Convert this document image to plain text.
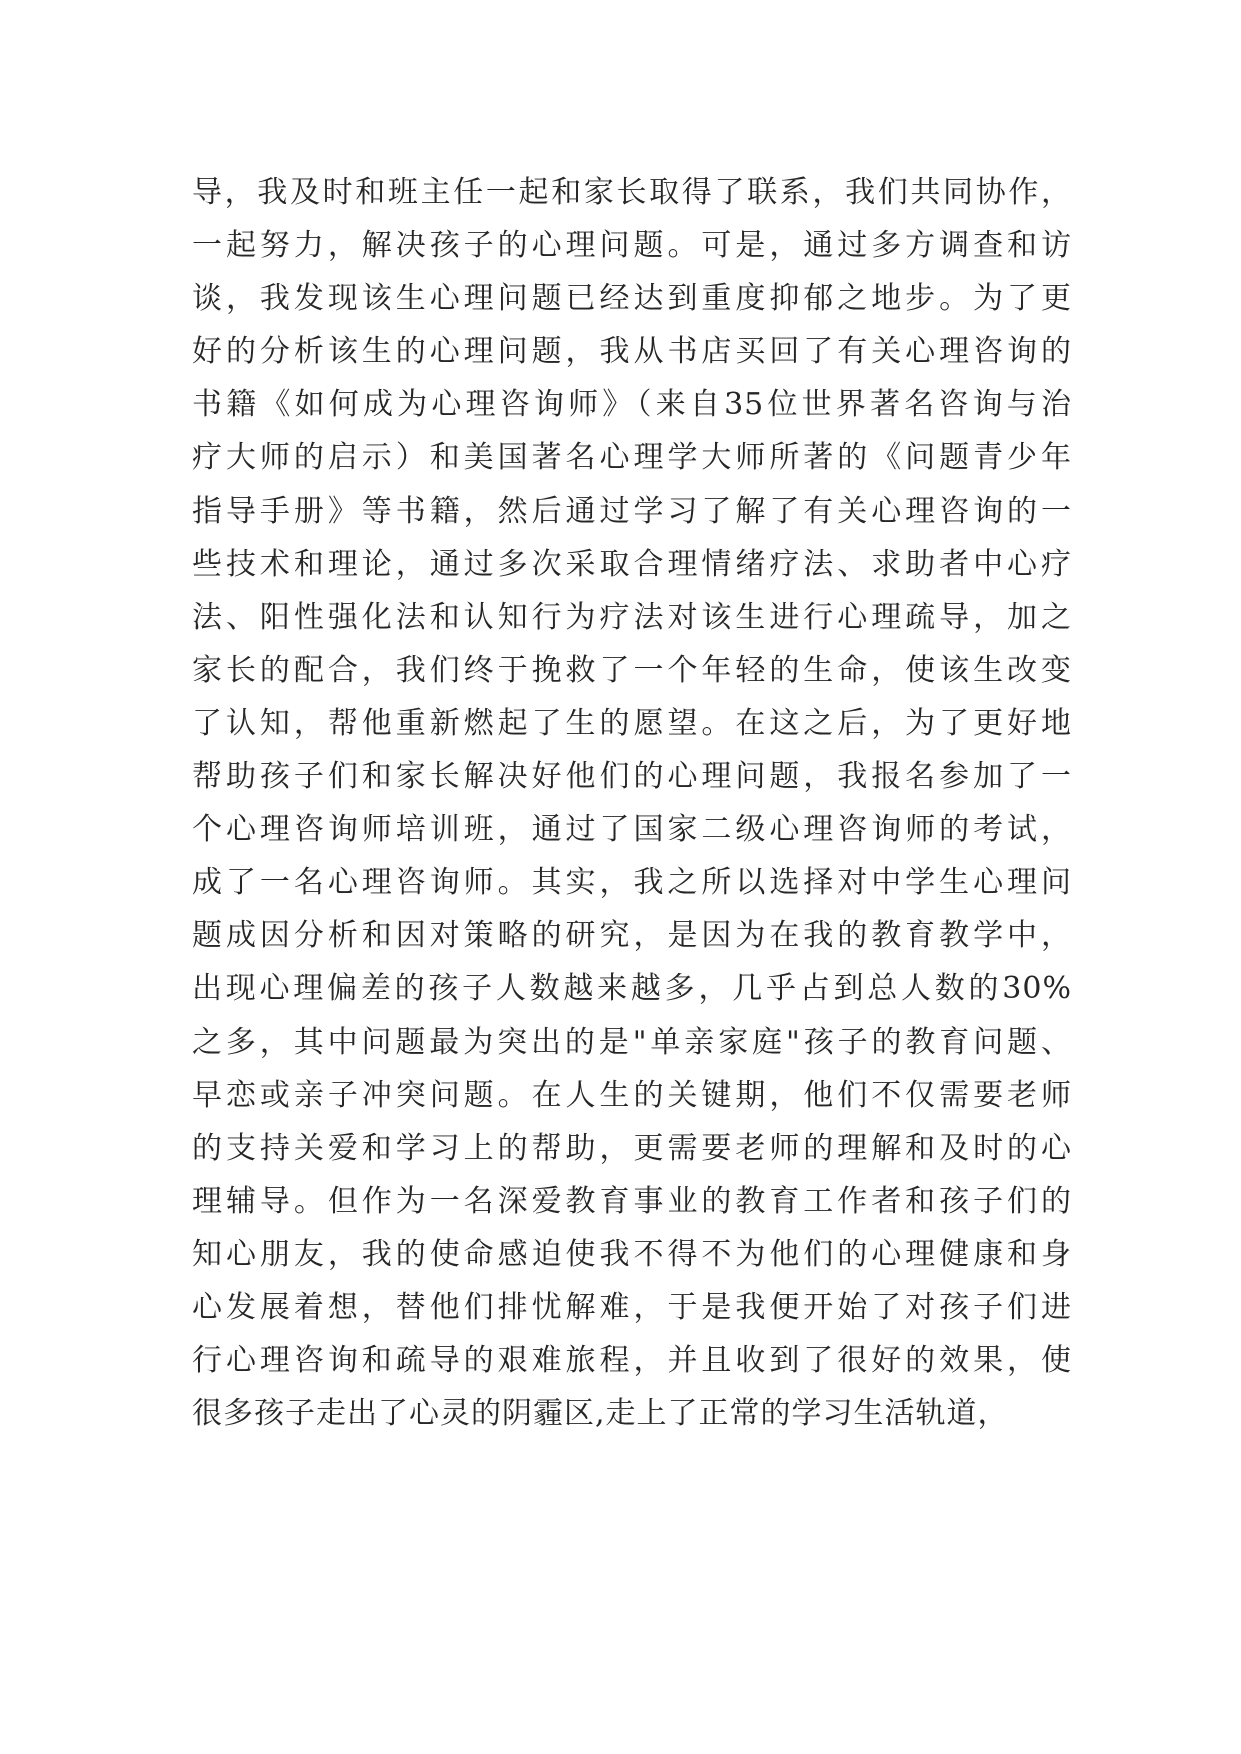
导，我及时和班主任一起和家长取得了联系，我们共同协作，
一起努力，解决孩子的心理问题。可是，通过多方调查和访
谈，我发现该生心理问题已经达到重度抑郁之地步。为了更
好的分析该生的心理问题，我从书店买回了有关心理咨询的
书籍《如何成为心理咨询师》（来自35位世界著名咨询与治
疗大师的启示）和美国著名心理学大师所著的《问题青少年
指导手册》等书籍，然后通过学习了解了有关心理咨询的一
些技术和理论，通过多次采取合理情绪疗法、求助者中心疗
法、阳性强化法和认知行为疗法对该生进行心理疏导，加之
家长的配合，我们终于挽救了一个年轻的生命，使该生改变
了认知，帮他重新燃起了生的愿望。在这之后，为了更好地
帮助孩子们和家长解决好他们的心理问题，我报名参加了一
个心理咨询师培训班，通过了国家二级心理咨询师的考试，
成了一名心理咨询师。其实，我之所以选择对中学生心理问
题成因分析和因对策略的研究，是因为在我的教育教学中，
出现心理偏差的孩子人数越来越多，几乎占到总人数的30%
之多，其中问题最为突出的是"单亲家庭"孩子的教育问题、
早恋或亲子冲突问题。在人生的关键期，他们不仅需要老师
的支持关爱和学习上的帮助，更需要老师的理解和及时的心
理辅导。但作为一名深爱教育事业的教育工作者和孩子们的
知心朋友，我的使命感迫使我不得不为他们的心理健康和身
心发展着想，替他们排忧解难，于是我便开始了对孩子们进
行心理咨询和疏导的艰难旅程，并且收到了很好的效果，使
很多孩子走出了心灵的阴霾区,走上了正常的学习生活轨道，
